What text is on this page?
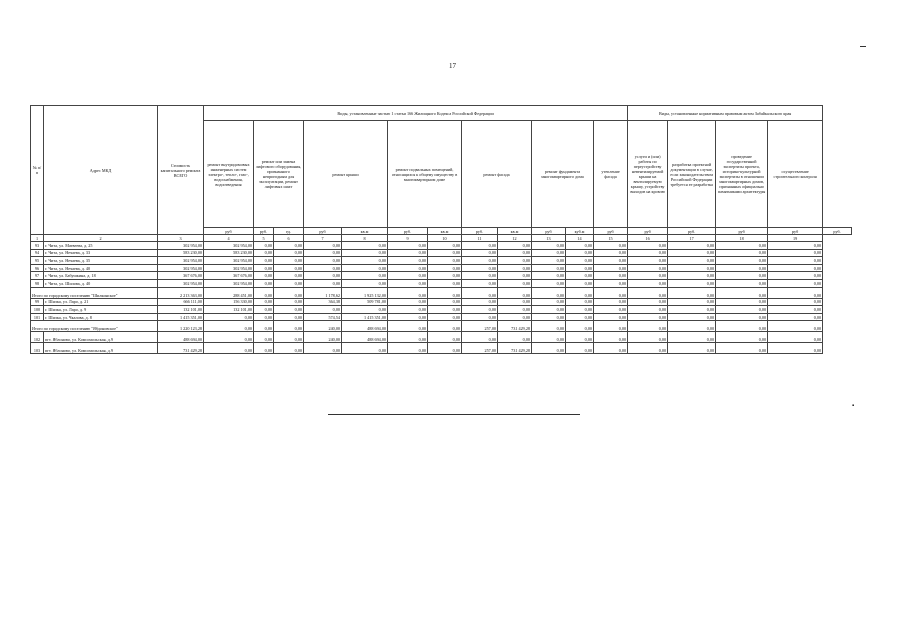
17
№ п/п	Адрес МКД	Стоимость капитального ремонта ВСЕГО	Виды, установленные частью 1 статьи 166 Жилищного Кодекса Российской Федерации												Виды, установленные нормативным правовым актом Забайкальского края				
			ремонт внутридомовых инженерных систем электро-, тепло-, газо-, водоснабжения, водоотведения	ремонт или замена лифтового оборудования, признанного непригодным для эксплуатации, ремонт лифтовых шахт		ремонт крыши		ремонт подвальных помещений, относящихся к общему имуществу в многоквартирном доме		ремонт фасада		ремонт фундамента многоквартирного дома		утепление фасада	услуги и (или) работы по переустройству невентилируемой крыши на вентилируемую крышу, устройству выходов на кровлю	разработка проектной документации в случае, если законодательством Российской Федерации требуется ее разработка	проведение государственной экспертизы проекта, историко-культурной экспертизы в отношении многоквартирных домов, признанных официально памятниками архитектуры	осуществление строительного контроля	
			руб	руб.	ед.	руб	кв.м	руб.	кв.м	руб.	кв.м	руб	куб.м	руб	руб	руб.	руб	руб	руб.
1	2	3	4	5	6	7	8	9	10	11	12	13	14	15	16	17	18	19	
93	г. Чита, ул. Матвеева, д. 25	302 954,00	302 954,00	0,00	0,00	0,00	0,00	0,00	0,00	0,00	0,00	0,00	0,00	0,00	0,00	0,00	0,00	0,00	
94	г. Чита, ул. Нечаева, д. 33	583 230,00	583 230,00	0,00	0,00	0,00	0,00	0,00	0,00	0,00	0,00	0,00	0,00	0,00	0,00	0,00	0,00	0,00	
95	г. Чита, ул. Нечаева, д. 35	302 954,00	302 954,00	0,00	0,00	0,00	0,00	0,00	0,00	0,00	0,00	0,00	0,00	0,00	0,00	0,00	0,00	0,00	
96	г. Чита, ул. Нечаева, д. 40	302 954,00	302 954,00	0,00	0,00	0,00	0,00	0,00	0,00	0,00	0,00	0,00	0,00	0,00	0,00	0,00	0,00	0,00	
97	г. Чита, ул. Бабушкина, д. 18	367 676,00	367 676,00	0,00	0,00	0,00	0,00	0,00	0,00	0,00	0,00	0,00	0,00	0,00	0,00	0,00	0,00	0,00	
98	г. Чита, ул. Шилова, д. 40	302 954,00	302 954,00	0,00	0,00	0,00	0,00	0,00	0,00	0,00	0,00	0,00	0,00	0,00	0,00	0,00	0,00	0,00	
Итого по городскому поселению "Шилкинское"		2 213 363,00	288 451,00	0,00	0,00	1 178,62	1 925 132,00	0,00	0,00	0,00	0,00	0,00	0,00	0,00	0,00	0,00	0,00	0,00	
99	г. Шилка, ул. Ларо, д. 21	666 111,00	156 330,00	0,00	0,00	364,38	509 781,00	0,00	0,00	0,00	0,00	0,00	0,00	0,00	0,00	0,00	0,00	0,00	
100	г. Шилка, ул. Ларо, д. 9	132 101,00	132 101,00	0,00	0,00	0,00	0,00	0,00	0,00	0,00	0,00	0,00	0,00	0,00	0,00	0,00	0,00	0,00	
101	г. Шилка, ул. Чкалова, д. 8	1 415 351,00	0,00	0,00	0,00	574,54	1 415 351,00	0,00	0,00	0,00	0,00	0,00	0,00	0,00	0,00	0,00	0,00	0,00	
Итого по городскому поселению "Ябдоновское"		1 220 123,28	0,00	0,00	0,00	240,00	488 694,00	0,00	0,00	257,00	731 429,28	0,00	0,00	0,00	0,00	0,00	0,00	0,00	
102	пгт. Яблоново, ул. Комсомольская, д.9	488 694,00	0,00	0,00	0,00	240,00	488 694,00	0,00	0,00	0,00	0,00	0,00	0,00	0,00	0,00	0,00	0,00	0,00	
103	пгт. Яблоново, ул. Комсомольская, д.9	731 429,28	0,00	0,00	0,00	0,00	0,00	0,00	0,00	257,00	731 429,28	0,00	0,00	0,00	0,00	0,00	0,00	0,00	
▪
